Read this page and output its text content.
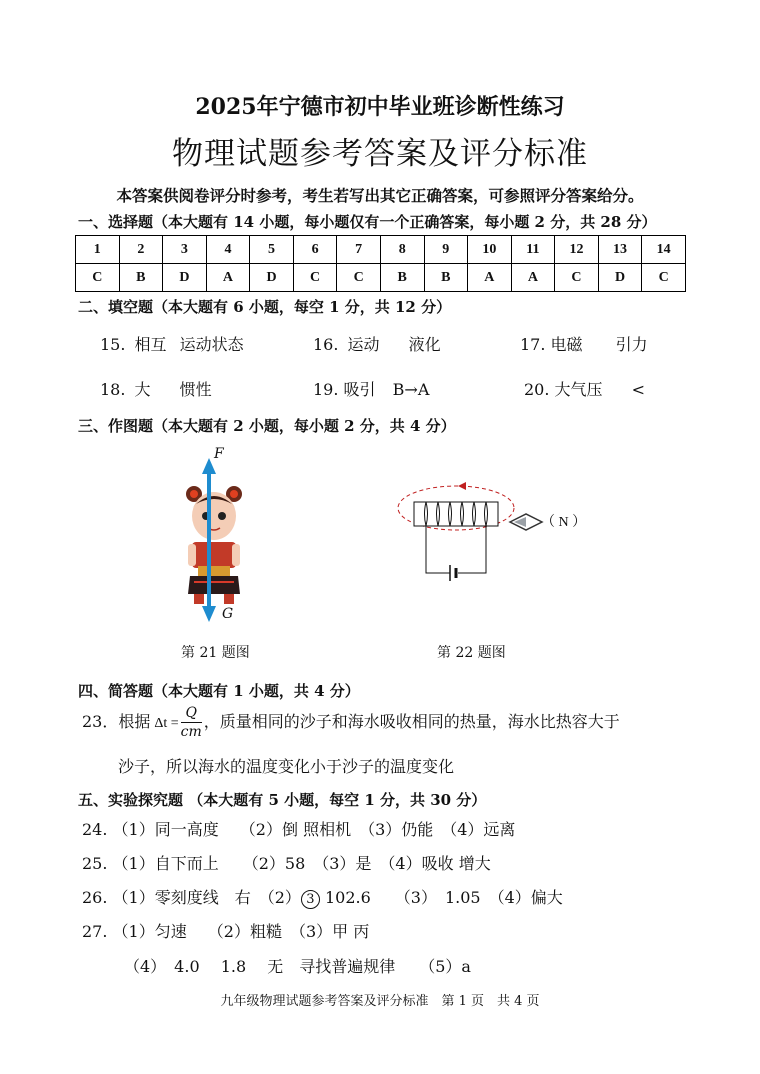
2025年宁德市初中毕业班诊断性练习
物理试题参考答案及评分标准
本答案供阅卷评分时参考，考生若写出其它正确答案，可参照评分答案给分。
一、选择题（本大题有 14 小题，每小题仅有一个正确答案，每小题 2 分，共 28 分）
1	2	3	4	5	6	7	8	9	10	11	12	13	14
C	B	D	A	D	C	C	B	B	A	A	C	D	C
二、填空题（本大题有 6 小题，每空 1 分，共 12 分）
15. 相互 运动状态	16. 运动 液化	17. 电磁 引力
18. 大 惯性	19. 吸引 B→A	20. 大气压 <
三、作图题（本大题有 2 小题，每小题 2 分，共 4 分）
F
G
第 21 题图
（ N ）
第 22 题图
四、简答题（本大题有 1 小题，共 4 分）
23．根据 $\Delta t = \frac{Q}{cm}$ ，质量相同的沙子和海水吸收相同的热量，海水比热容大于
沙子，所以海水的温度变化小于沙子的温度变化
五、实验探究题 （本大题有 5 小题，每空 1 分，共 30 分）
24. （1）同一高度　 （2）倒 照相机　（3）仍能　（4）远离
25. （1）自下而上　　（2）58　（3）是　（4）吸收 增大
26. （1）零刻度线　右　（2） 3 102.6　　（3）　1.05　（4）偏大
27. （1）匀速　 （2）粗糙　（3）甲 丙
（4）　4.0　 1.8　 无　寻找普遍规律　　（5）a
九年级物理试题参考答案及评分标准　第 1 页　共 4 页
